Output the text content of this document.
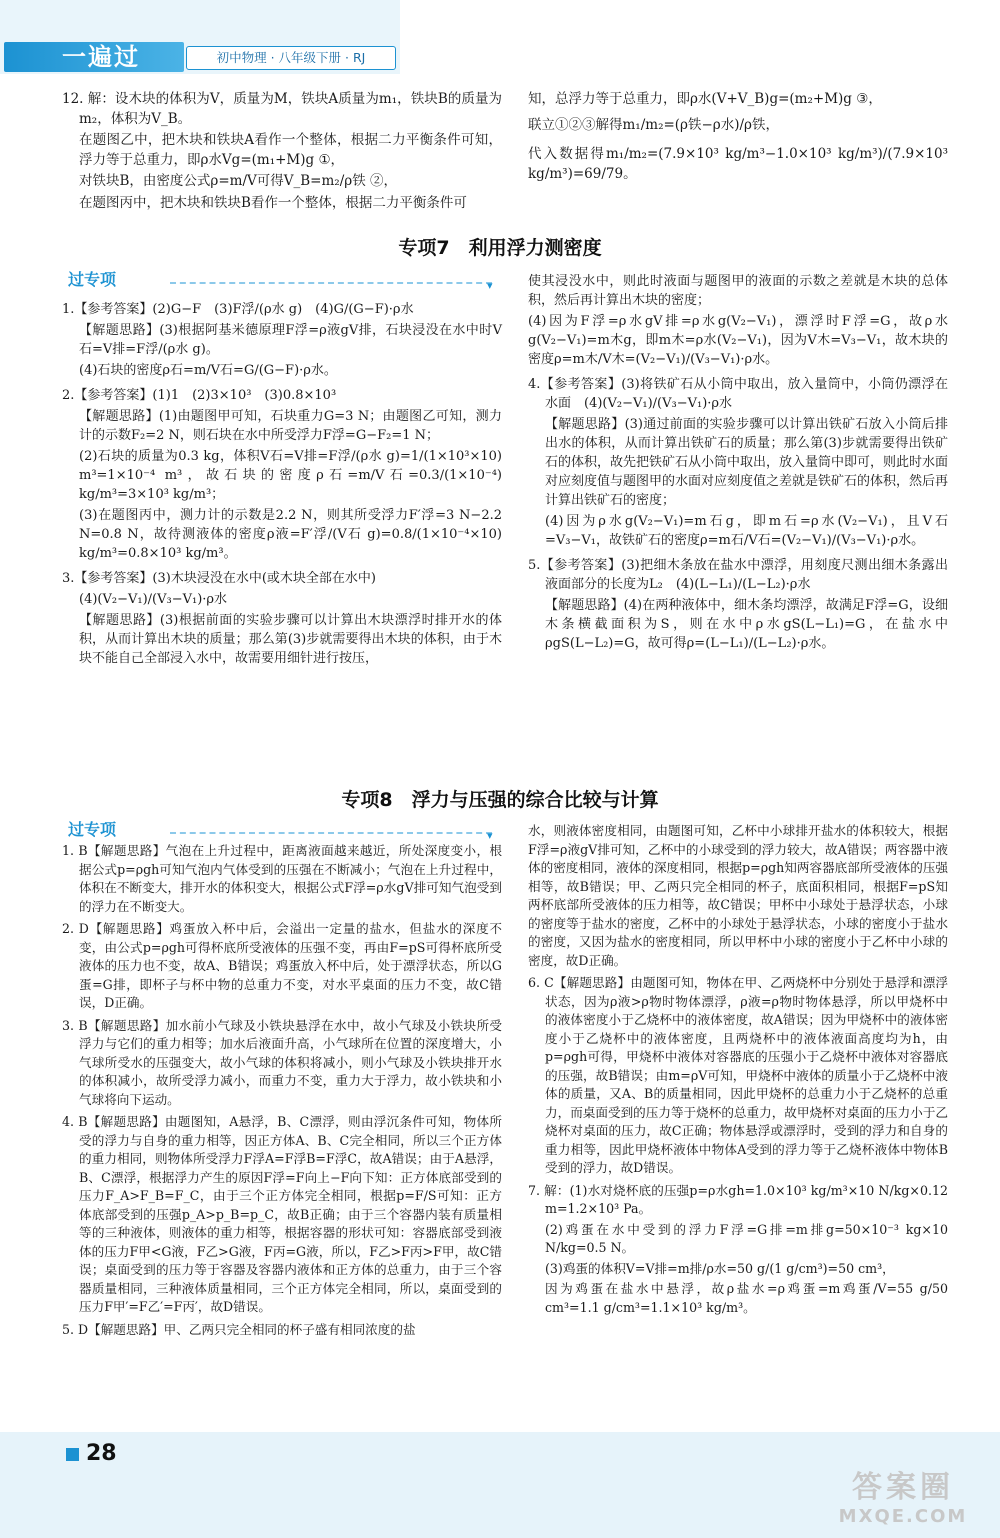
一遍过	初中物理 · 八年级下册 · RJ

12. 解：设木块的体积为V，质量为M，铁块A质量为m₁，铁块B的质量为m₂，体积为V_B。

在题图乙中，把木块和铁块A看作一个整体，根据二力平衡条件可知，浮力等于总重力，即ρ水Vg=(m₁+M)g ①，

对铁块B，由密度公式ρ=m/V可得V_B=m₂/ρ铁 ②，

在题图丙中，把木块和铁块B看作一个整体，根据二力平衡条件可

知，总浮力等于总重力，即ρ水(V+V_B)g=(m₂+M)g ③，

联立①②③解得m₁/m₂=(ρ铁−ρ水)/ρ铁，

代入数据得m₁/m₂=(7.9×10³ kg/m³−1.0×10³ kg/m³)/(7.9×10³ kg/m³)=69/79。

专项7　利用浮力测密度
过专项	▾

1.【参考答案】(2)G−F　(3)F浮/(ρ水 g)　(4)G/(G−F)·ρ水

【解题思路】(3)根据阿基米德原理F浮=ρ液gV排，石块浸没在水中时V石=V排=F浮/(ρ水 g)。

(4)石块的密度ρ石=m/V石=G/(G−F)·ρ水。

2.【参考答案】(1)1　(2)3×10³　(3)0.8×10³

【解题思路】(1)由题图甲可知，石块重力G=3 N；由题图乙可知，测力计的示数F₂=2 N，则石块在水中所受浮力F浮=G−F₂=1 N；

(2)石块的质量为0.3 kg，体积V石=V排=F浮/(ρ水 g)=1/(1×10³×10) m³=1×10⁻⁴ m³，故石块的密度ρ石=m/V石=0.3/(1×10⁻⁴) kg/m³=3×10³ kg/m³；

(3)在题图丙中，测力计的示数是2.2 N，则其所受浮力F′浮=3 N−2.2 N=0.8 N，故待测液体的密度ρ液=F′浮/(V石 g)=0.8/(1×10⁻⁴×10) kg/m³=0.8×10³ kg/m³。

3.【参考答案】(3)木块浸没在水中(或木块全部在水中)

(4)(V₂−V₁)/(V₃−V₁)·ρ水

【解题思路】(3)根据前面的实验步骤可以计算出木块漂浮时排开水的体积，从而计算出木块的质量；那么第(3)步就需要得出木块的体积，由于木块不能自己全部浸入水中，故需要用细针进行按压，

使其浸没水中，则此时液面与题图甲的液面的示数之差就是木块的总体积，然后再计算出木块的密度；

(4)因为F浮=ρ水gV排=ρ水g(V₂−V₁)，漂浮时F浮=G，故ρ水g(V₂−V₁)=m木g，即m木=ρ水(V₂−V₁)，因为V木=V₃−V₁，故木块的密度ρ=m木/V木=(V₂−V₁)/(V₃−V₁)·ρ水。

4.【参考答案】(3)将铁矿石从小筒中取出，放入量筒中，小筒仍漂浮在水面　(4)(V₂−V₁)/(V₃−V₁)·ρ水

【解题思路】(3)通过前面的实验步骤可以计算出铁矿石放入小筒后排出水的体积，从而计算出铁矿石的质量；那么第(3)步就需要得出铁矿石的体积，故先把铁矿石从小筒中取出，放入量筒中即可，则此时水面对应刻度值与题图甲的水面对应刻度值之差就是铁矿石的体积，然后再计算出铁矿石的密度；

(4)因为ρ水g(V₂−V₁)=m石g，即m石=ρ水(V₂−V₁)，且V石=V₃−V₁，故铁矿石的密度ρ=m石/V石=(V₂−V₁)/(V₃−V₁)·ρ水。

5.【参考答案】(3)把细木条放在盐水中漂浮，用刻度尺测出细木条露出液面部分的长度为L₂　(4)(L−L₁)/(L−L₂)·ρ水

【解题思路】(4)在两种液体中，细木条均漂浮，故满足F浮=G，设细木条横截面积为S，则在水中ρ水gS(L−L₁)=G，在盐水中ρgS(L−L₂)=G，故可得ρ=(L−L₁)/(L−L₂)·ρ水。

专项8　浮力与压强的综合比较与计算
过专项	▾

1. B【解题思路】气泡在上升过程中，距离液面越来越近，所处深度变小，根据公式p=ρgh可知气泡内气体受到的压强在不断减小；气泡在上升过程中，体积在不断变大，排开水的体积变大，根据公式F浮=ρ水gV排可知气泡受到的浮力在不断变大。

2. D【解题思路】鸡蛋放入杯中后，会溢出一定量的盐水，但盐水的深度不变，由公式p=ρgh可得杯底所受液体的压强不变，再由F=pS可得杯底所受液体的压力也不变，故A、B错误；鸡蛋放入杯中后，处于漂浮状态，所以G蛋=G排，即杯子与杯中物的总重力不变，对水平桌面的压力不变，故C错误，D正确。

3. B【解题思路】加水前小气球及小铁块悬浮在水中，故小气球及小铁块所受浮力与它们的重力相等；加水后液面升高，小气球所在位置的深度增大，小气球所受水的压强变大，故小气球的体积将减小，则小气球及小铁块排开水的体积减小，故所受浮力减小，而重力不变，重力大于浮力，故小铁块和小气球将向下运动。

4. B【解题思路】由题图知，A悬浮，B、C漂浮，则由浮沉条件可知，物体所受的浮力与自身的重力相等，因正方体A、B、C完全相同，所以三个正方体的重力相同，则物体所受浮力F浮A=F浮B=F浮C，故A错误；由于A悬浮，B、C漂浮，根据浮力产生的原因F浮=F向上−F向下知：正方体底部受到的压力F_A>F_B=F_C，由于三个正方体完全相同，根据p=F/S可知：正方体底部受到的压强p_A>p_B=p_C，故B正确；由于三个容器内装有质量相等的三种液体，则液体的重力相等，根据容器的形状可知：容器底部受到液体的压力F甲<G液，F乙>G液，F丙=G液，所以，F乙>F丙>F甲，故C错误；桌面受到的压力等于容器及容器内液体和正方体的总重力，由于三个容器质量相同，三种液体质量相同，三个正方体完全相同，所以，桌面受到的压力F甲′=F乙′=F丙′，故D错误。

5. D【解题思路】甲、乙两只完全相同的杯子盛有相同浓度的盐

水，则液体密度相同，由题图可知，乙杯中小球排开盐水的体积较大，根据F浮=ρ液gV排可知，乙杯中的小球受到的浮力较大，故A错误；两容器中液体的密度相同，液体的深度相同，根据p=ρgh知两容器底部所受液体的压强相等，故B错误；甲、乙两只完全相同的杯子，底面积相同，根据F=pS知两杯底部所受液体的压力相等，故C错误；甲杯中小球处于悬浮状态，小球的密度等于盐水的密度，乙杯中的小球处于悬浮状态，小球的密度小于盐水的密度，又因为盐水的密度相同，所以甲杯中小球的密度小于乙杯中小球的密度，故D正确。

6. C【解题思路】由题图可知，物体在甲、乙两烧杯中分别处于悬浮和漂浮状态，因为ρ液>ρ物时物体漂浮，ρ液=ρ物时物体悬浮，所以甲烧杯中的液体密度小于乙烧杯中的液体密度，故A错误；因为甲烧杯中的液体密度小于乙烧杯中的液体密度，且两烧杯中的液体液面高度均为h，由p=ρgh可得，甲烧杯中液体对容器底的压强小于乙烧杯中液体对容器底的压强，故B错误；由m=ρV可知，甲烧杯中液体的质量小于乙烧杯中液体的质量，又A、B的质量相同，因此甲烧杯的总重力小于乙烧杯的总重力，而桌面受到的压力等于烧杯的总重力，故甲烧杯对桌面的压力小于乙烧杯对桌面的压力，故C正确；物体悬浮或漂浮时，受到的浮力和自身的重力相等，因此甲烧杯液体中物体A受到的浮力等于乙烧杯液体中物体B受到的浮力，故D错误。

7. 解：(1)水对烧杯底的压强p=ρ水gh=1.0×10³ kg/m³×10 N/kg×0.12 m=1.2×10³ Pa。

(2)鸡蛋在水中受到的浮力F浮=G排=m排g=50×10⁻³ kg×10 N/kg=0.5 N。

(3)鸡蛋的体积V=V排=m排/ρ水=50 g/(1 g/cm³)=50 cm³，

因为鸡蛋在盐水中悬浮，故ρ盐水=ρ鸡蛋=m鸡蛋/V=55 g/50 cm³=1.1 g/cm³=1.1×10³ kg/m³。

28
答案圈
MXQE.COM
